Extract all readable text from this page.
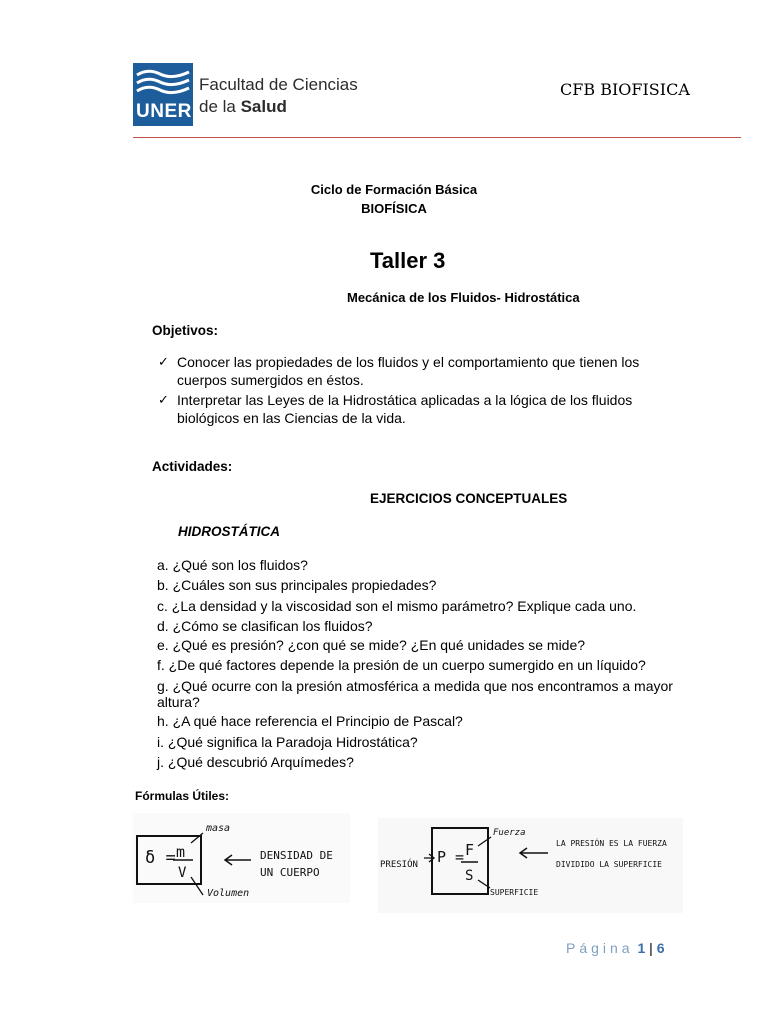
UNER
Facultad de Ciencias
de la Salud
CFB BIOFISICA
Ciclo de Formación Básica
BIOFÍSICA
Taller 3
Mecánica de los Fluidos- Hidrostática
Objetivos:
✓ Conocer las propiedades de los fluidos y el comportamiento que tienen los cuerpos sumergidos en éstos.
✓ Interpretar las Leyes de la Hidrostática aplicadas a la lógica de los fluidos biológicos en las Ciencias de la vida.
Actividades:
EJERCICIOS CONCEPTUALES
HIDROSTÁTICA
a. ¿Qué son los fluidos?
b. ¿Cuáles son sus principales propiedades?
c. ¿La densidad y la viscosidad son el mismo parámetro? Explique cada uno.
d. ¿Cómo se clasifican los fluidos?
e. ¿Qué es presión? ¿con qué se mide? ¿En qué unidades se mide?
f. ¿De qué factores depende la presión de un cuerpo sumergido en un líquido?
g. ¿Qué ocurre con la presión atmosférica a medida que nos encontramos a mayor altura?
h. ¿A qué hace referencia el Principio de Pascal?
i. ¿Qué significa la Paradoja Hidrostática?
j. ¿Qué descubrió Arquímedes?
Fórmulas Útiles:
δ = m
V
masa
Volumen
DENSIDAD DE
UN CUERPO
PRESIÓN P = F
S
Fuerza
SUPERFICIE
LA PRESIÓN ES LA FUERZA
DIVIDIDO LA SUPERFICIE
Página 1 | 6
